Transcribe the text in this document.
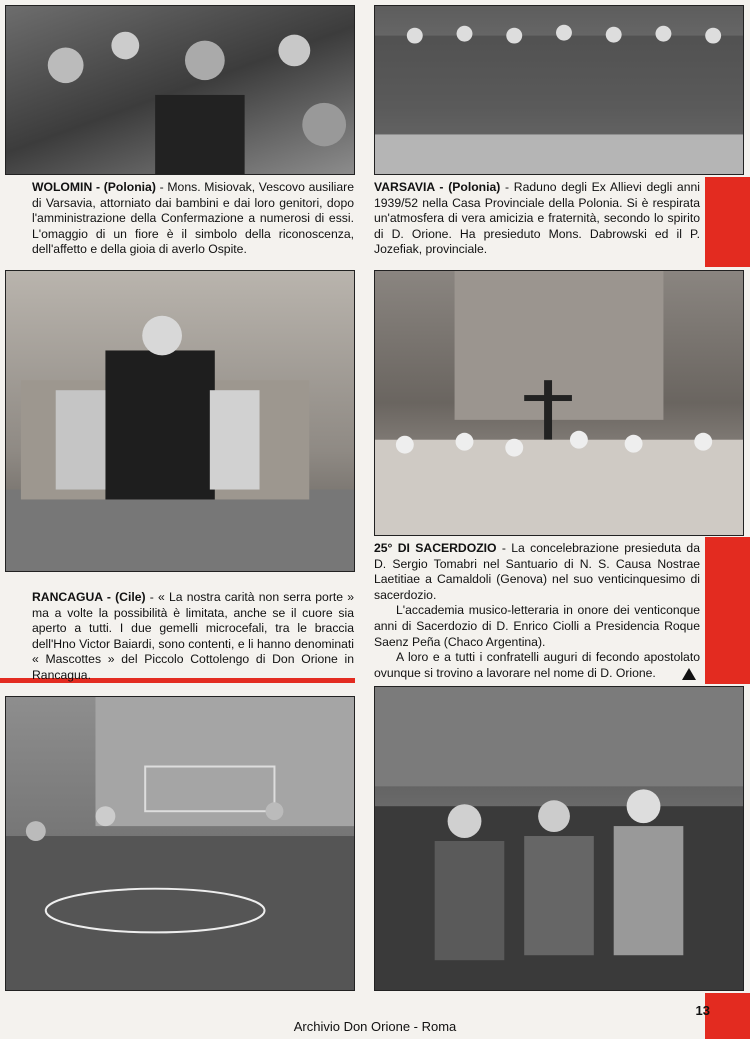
WOLOMIN - (Polonia) - Mons. Misiovak, Vescovo ausiliare di Varsavia, attorniato dai bambini e dai loro genitori, dopo l'amministrazione della Confermazione a numerosi di essi. L'omaggio di un fiore è il simbolo della riconoscenza, dell'affetto e della gioia di averlo Ospite.
VARSAVIA - (Polonia) - Raduno degli Ex Allievi degli anni 1939/52 nella Casa Provinciale della Polonia. Si è respirata un'atmosfera di vera amicizia e fraternità, secondo lo spirito di D. Orione. Ha presieduto Mons. Dabrowski ed il P. Jozefiak, provinciale.
25° DI SACERDOZIO - La concelebrazione presieduta da D. Sergio Tomabri nel Santuario di N. S. Causa Nostrae Laetitiae a Camaldoli (Genova) nel suo venticinquesimo di sacerdozio.
L'accademia musico-letteraria in onore dei venticonque anni di Sacerdozio di D. Enrico Ciolli a Presidencia Roque Saenz Peña (Chaco Argentina).
A loro e a tutti i confratelli auguri di fecondo apostolato ovunque si trovino a lavorare nel nome di D. Orione.
RANCAGUA - (Cile) - « La nostra carità non serra porte » ma a volte la possibilità è limitata, anche se il cuore sia aperto a tutti. I due gemelli microcefali, tra le braccia dell'Hno Victor Baiardi, sono contenti, e li hanno denominati « Mascottes » del Piccolo Cottolengo di Don Orione in Rancagua.
13
Archivio Don Orione - Roma
